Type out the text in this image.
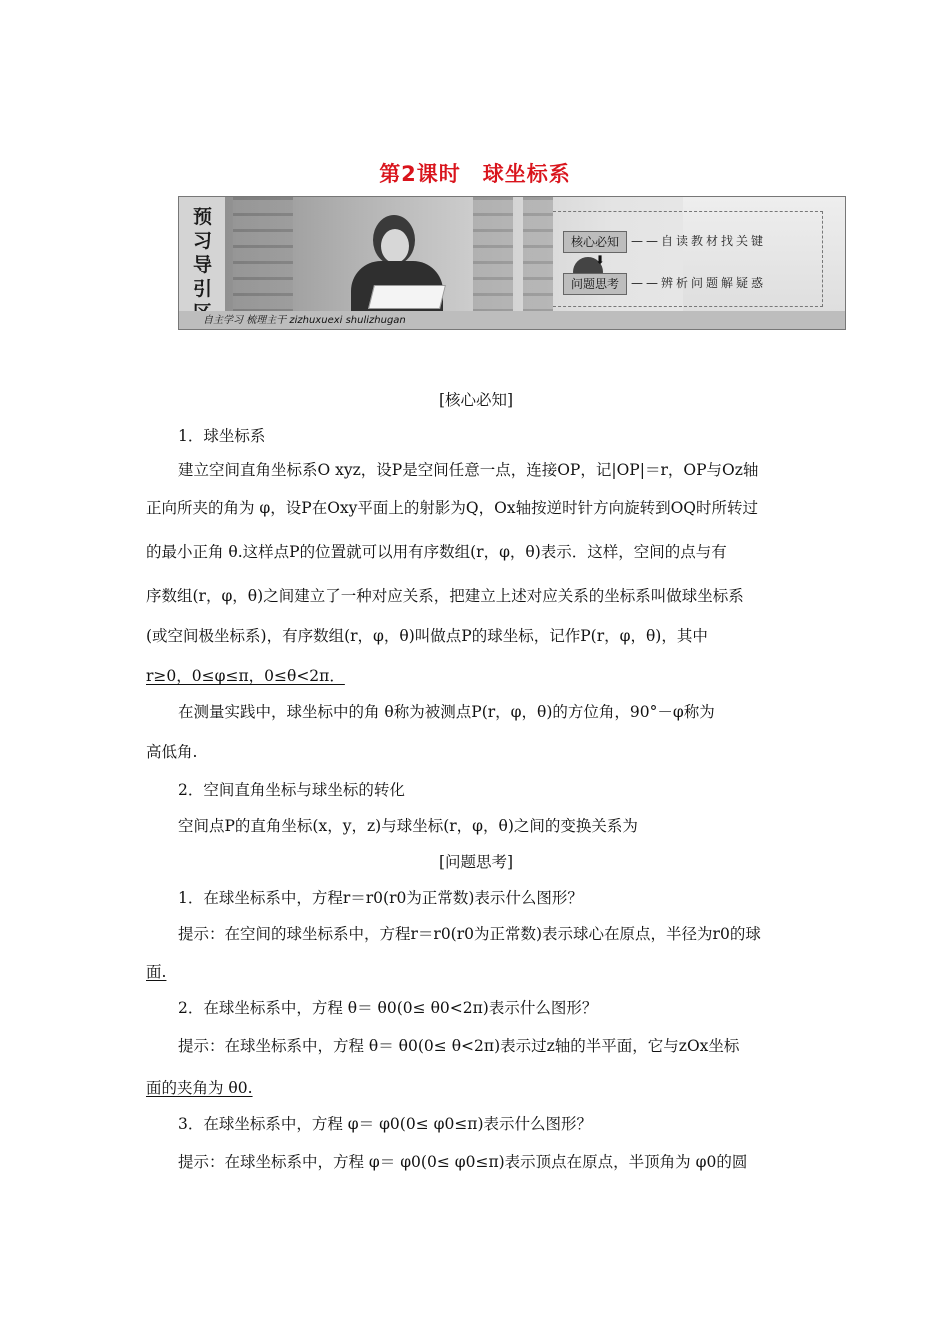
第2课时　球坐标系
预习导引
核心必知	——自读教材找关键
⬇
问题思考	——辨析问题解疑惑
自主学习 梳理主干 zizhuxuexi shulizhugan
[核心必知]
1．球坐标系
建立空间直角坐标系O xyz，设P是空间任意一点，连接OP，记|OP|＝r，OP与Oz轴
正向所夹的角为 φ，设P在Oxy平面上的射影为Q，Ox轴按逆时针方向旋转到OQ时所转过
的最小正角 θ.这样点P的位置就可以用有序数组(r，φ，θ)表示．这样，空间的点与有
序数组(r，φ，θ)之间建立了一种对应关系，把建立上述对应关系的坐标系叫做球坐标系
(或空间极坐标系)，有序数组(r，φ，θ)叫做点P的球坐标，记作P(r，φ，θ)，其中
r≥0，0≤φ≤π，0≤θ<2π．
在测量实践中，球坐标中的角 θ称为被测点P(r，φ，θ)的方位角，90°－φ称为
高低角.
2．空间直角坐标与球坐标的转化
空间点P的直角坐标(x，y，z)与球坐标(r，φ，θ)之间的变换关系为
[问题思考]
1．在球坐标系中，方程r＝r0(r0为正常数)表示什么图形？
提示：在空间的球坐标系中，方程r＝r0(r0为正常数)表示球心在原点，半径为r0的球
面.
2．在球坐标系中，方程 θ＝ θ0(0≤ θ0<2π)表示什么图形？
提示：在球坐标系中，方程 θ＝ θ0(0≤ θ<2π)表示过z轴的半平面，它与zOx坐标
面的夹角为 θ0.
3．在球坐标系中，方程 φ＝ φ0(0≤ φ0≤π)表示什么图形？
提示：在球坐标系中，方程 φ＝ φ0(0≤ φ0≤π)表示顶点在原点，半顶角为 φ0的圆
